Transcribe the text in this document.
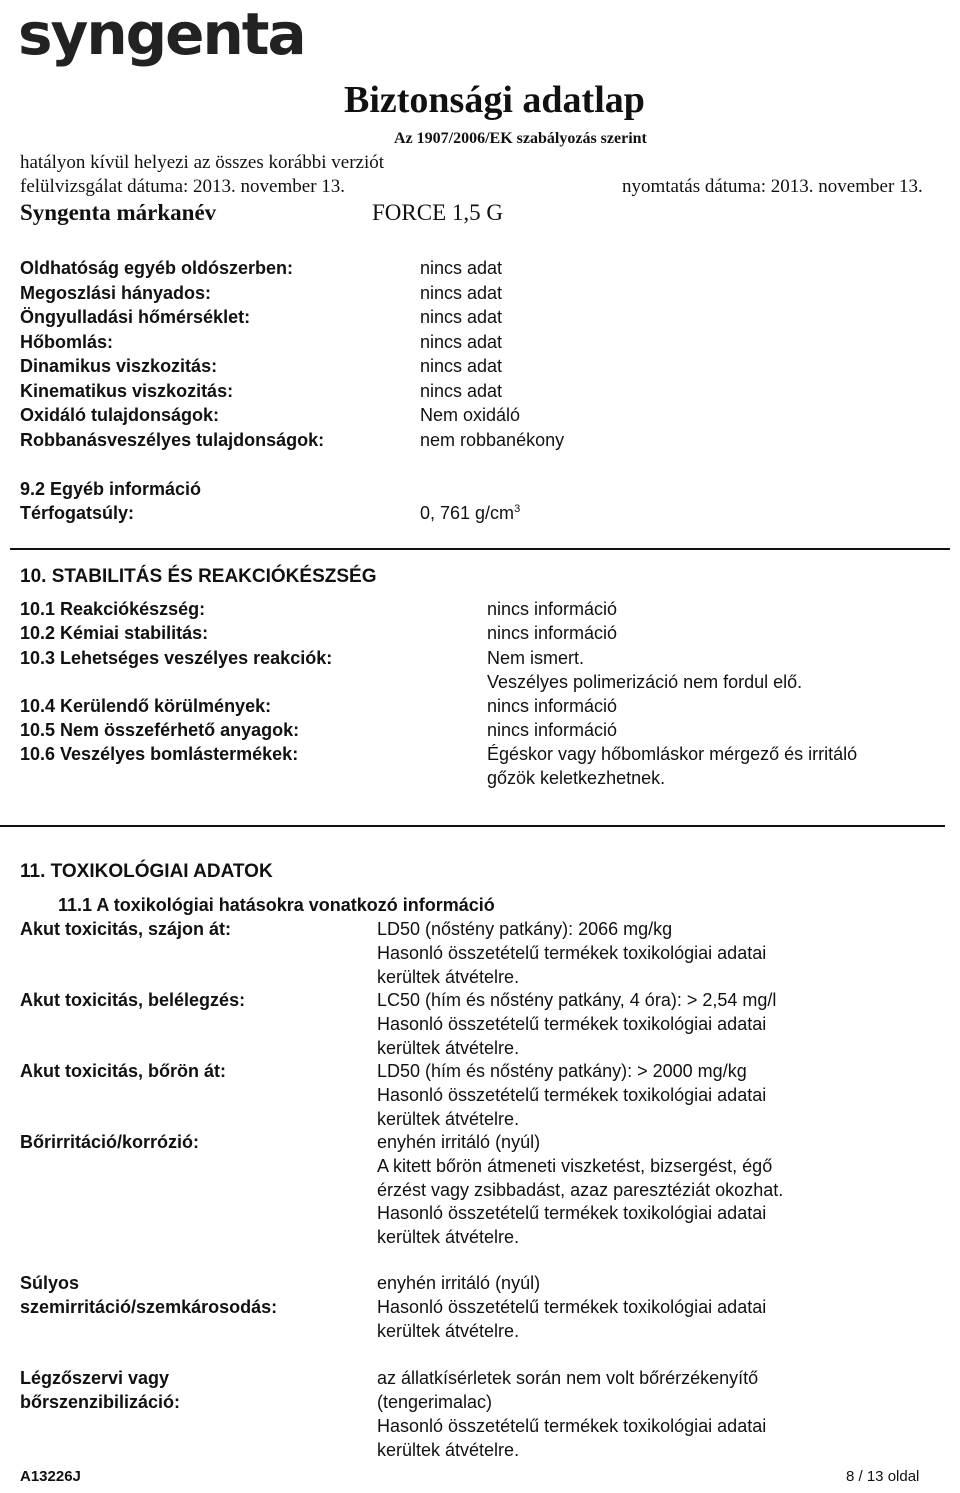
syngenta
Biztonsági adatlap
Az 1907/2006/EK szabályozás szerint
hatályon kívül helyezi az összes korábbi verziót
felülvizsgálat dátuma: 2013. november 13.	nyomtatás dátuma: 2013. november 13.
Syngenta márkanév	FORCE 1,5 G
Oldhatóság egyéb oldószerben:	nincs adat
Megoszlási hányados:	nincs adat
Öngyulladási hőmérséklet:	nincs adat
Hőbomlás:	nincs adat
Dinamikus viszkozitás:	nincs adat
Kinematikus viszkozitás:	nincs adat
Oxidáló tulajdonságok:	Nem oxidáló
Robbanásveszélyes tulajdonságok:	nem robbanékony
9.2 Egyéb információ
Térfogatsúly:	0, 761 $g/cm^3$
10. STABILITÁS ÉS REAKCIÓKÉSZSÉG
10.1 Reakciókészség:	nincs információ
10.2 Kémiai stabilitás:	nincs információ
10.3 Lehetséges veszélyes reakciók:	Nem ismert.
Veszélyes polimerizáció nem fordul elő.
10.4 Kerülendő körülmények:	nincs információ
10.5 Nem összeférhető anyagok:	nincs információ
10.6 Veszélyes bomlástermékek:	Égéskor vagy hőbomláskor mérgező és irritáló
gőzök keletkezhetnek.
11. TOXIKOLÓGIAI ADATOK
11.1 A toxikológiai hatásokra vonatkozó információ
Akut toxicitás, szájon át:	LD50 (nőstény patkány): 2066 mg/kg
Hasonló összetételű termékek toxikológiai adatai
kerültek átvételre.
Akut toxicitás, belélegzés:	LC50 (hím és nőstény patkány, 4 óra): > 2,54 mg/l
Hasonló összetételű termékek toxikológiai adatai
kerültek átvételre.
Akut toxicitás, bőrön át:	LD50 (hím és nőstény patkány): > 2000 mg/kg
Hasonló összetételű termékek toxikológiai adatai
kerültek átvételre.
Bőrirritáció/korrózió:	enyhén irritáló (nyúl)
A kitett bőrön átmeneti viszketést, bizsergést, égő
érzést vagy zsibbadást, azaz paresztéziát okozhat.
Hasonló összetételű termékek toxikológiai adatai
kerültek átvételre.
Súlyos
szemirritáció/szemkárosodás:
enyhén irritáló (nyúl)
Hasonló összetételű termékek toxikológiai adatai
kerültek átvételre.
Légzőszervi vagy
bőrszenzibilizáció:
az állatkísérletek során nem volt bőrérzékenyítő
(tengerimalac)
Hasonló összetételű termékek toxikológiai adatai
kerültek átvételre.
A13226J	8 / 13 oldal
